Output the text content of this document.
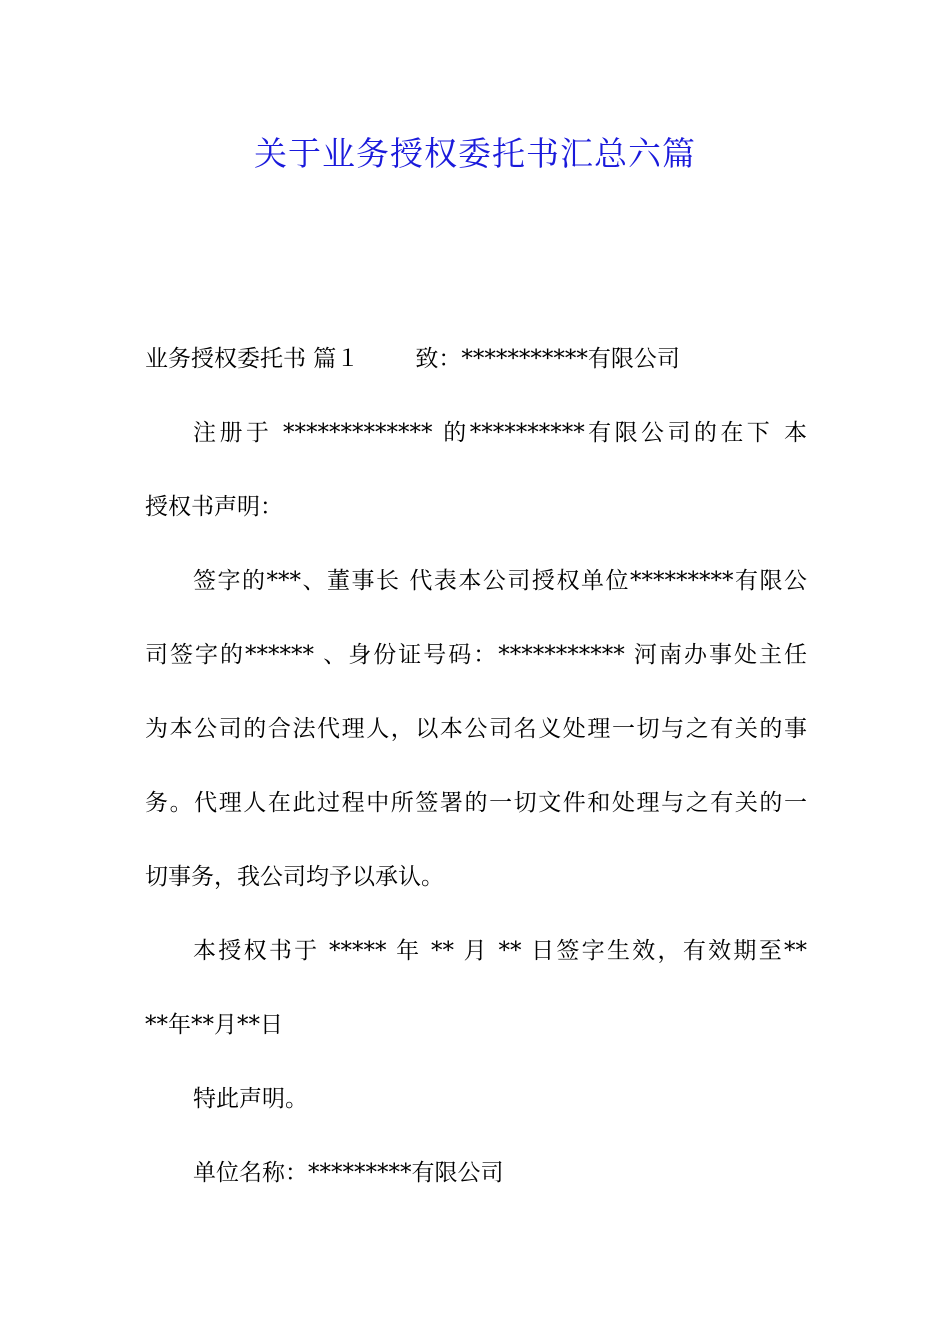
关于业务授权委托书汇总六篇
业务授权委托书 篇１ 致：***********有限公司
注册于 ************* 的**********有限公司的在下 本
授权书声明：
签字的***、董事长 代表本公司授权单位*********有限公
司签字的****** 、身份证号码：*********** 河南办事处主任
为本公司的合法代理人，以本公司名义处理一切与之有关的事
务。代理人在此过程中所签署的一切文件和处理与之有关的一
切事务，我公司均予以承认。
本授权书于 ***** 年 ** 月 ** 日签字生效，有效期至**
**年**月**日
特此声明。
单位名称：*********有限公司
